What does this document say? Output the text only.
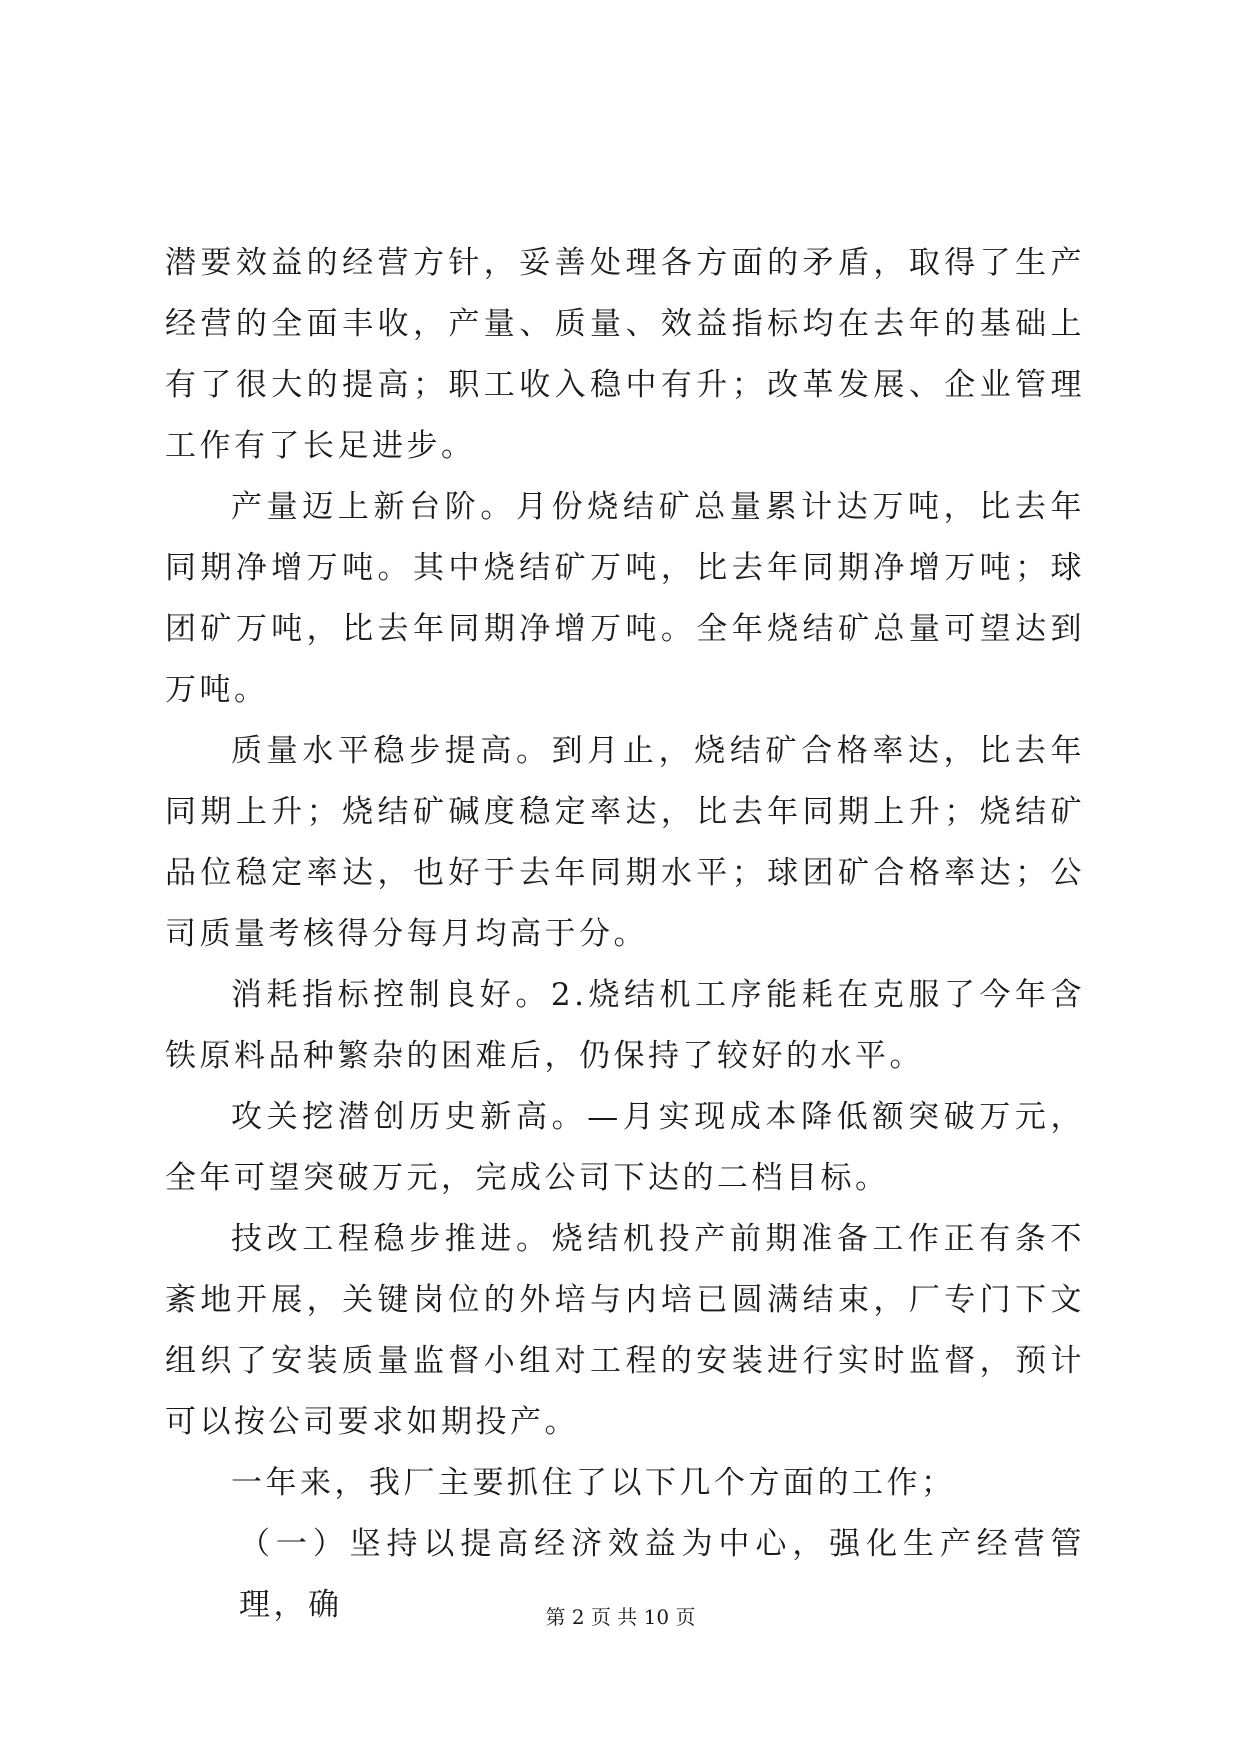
潜要效益的经营方针，妥善处理各方面的矛盾，取得了生产经营的全面丰收，产量、质量、效益指标均在去年的基础上有了很大的提高；职工收入稳中有升；改革发展、企业管理工作有了长足进步。

产量迈上新台阶。月份烧结矿总量累计达万吨，比去年同期净增万吨。其中烧结矿万吨，比去年同期净增万吨；球团矿万吨，比去年同期净增万吨。全年烧结矿总量可望达到万吨。

质量水平稳步提高。到月止，烧结矿合格率达，比去年同期上升；烧结矿碱度稳定率达，比去年同期上升；烧结矿品位稳定率达，也好于去年同期水平；球团矿合格率达；公司质量考核得分每月均高于分。

消耗指标控制良好。2.烧结机工序能耗在克服了今年含铁原料品种繁杂的困难后，仍保持了较好的水平。

攻关挖潜创历史新高。—月实现成本降低额突破万元，全年可望突破万元，完成公司下达的二档目标。

技改工程稳步推进。烧结机投产前期准备工作正有条不紊地开展，关键岗位的外培与内培已圆满结束，厂专门下文组织了安装质量监督小组对工程的安装进行实时监督，预计可以按公司要求如期投产。

一年来，我厂主要抓住了以下几个方面的工作；

（一）坚持以提高经济效益为中心，强化生产经营管理，确	第 2 页 共 10 页
